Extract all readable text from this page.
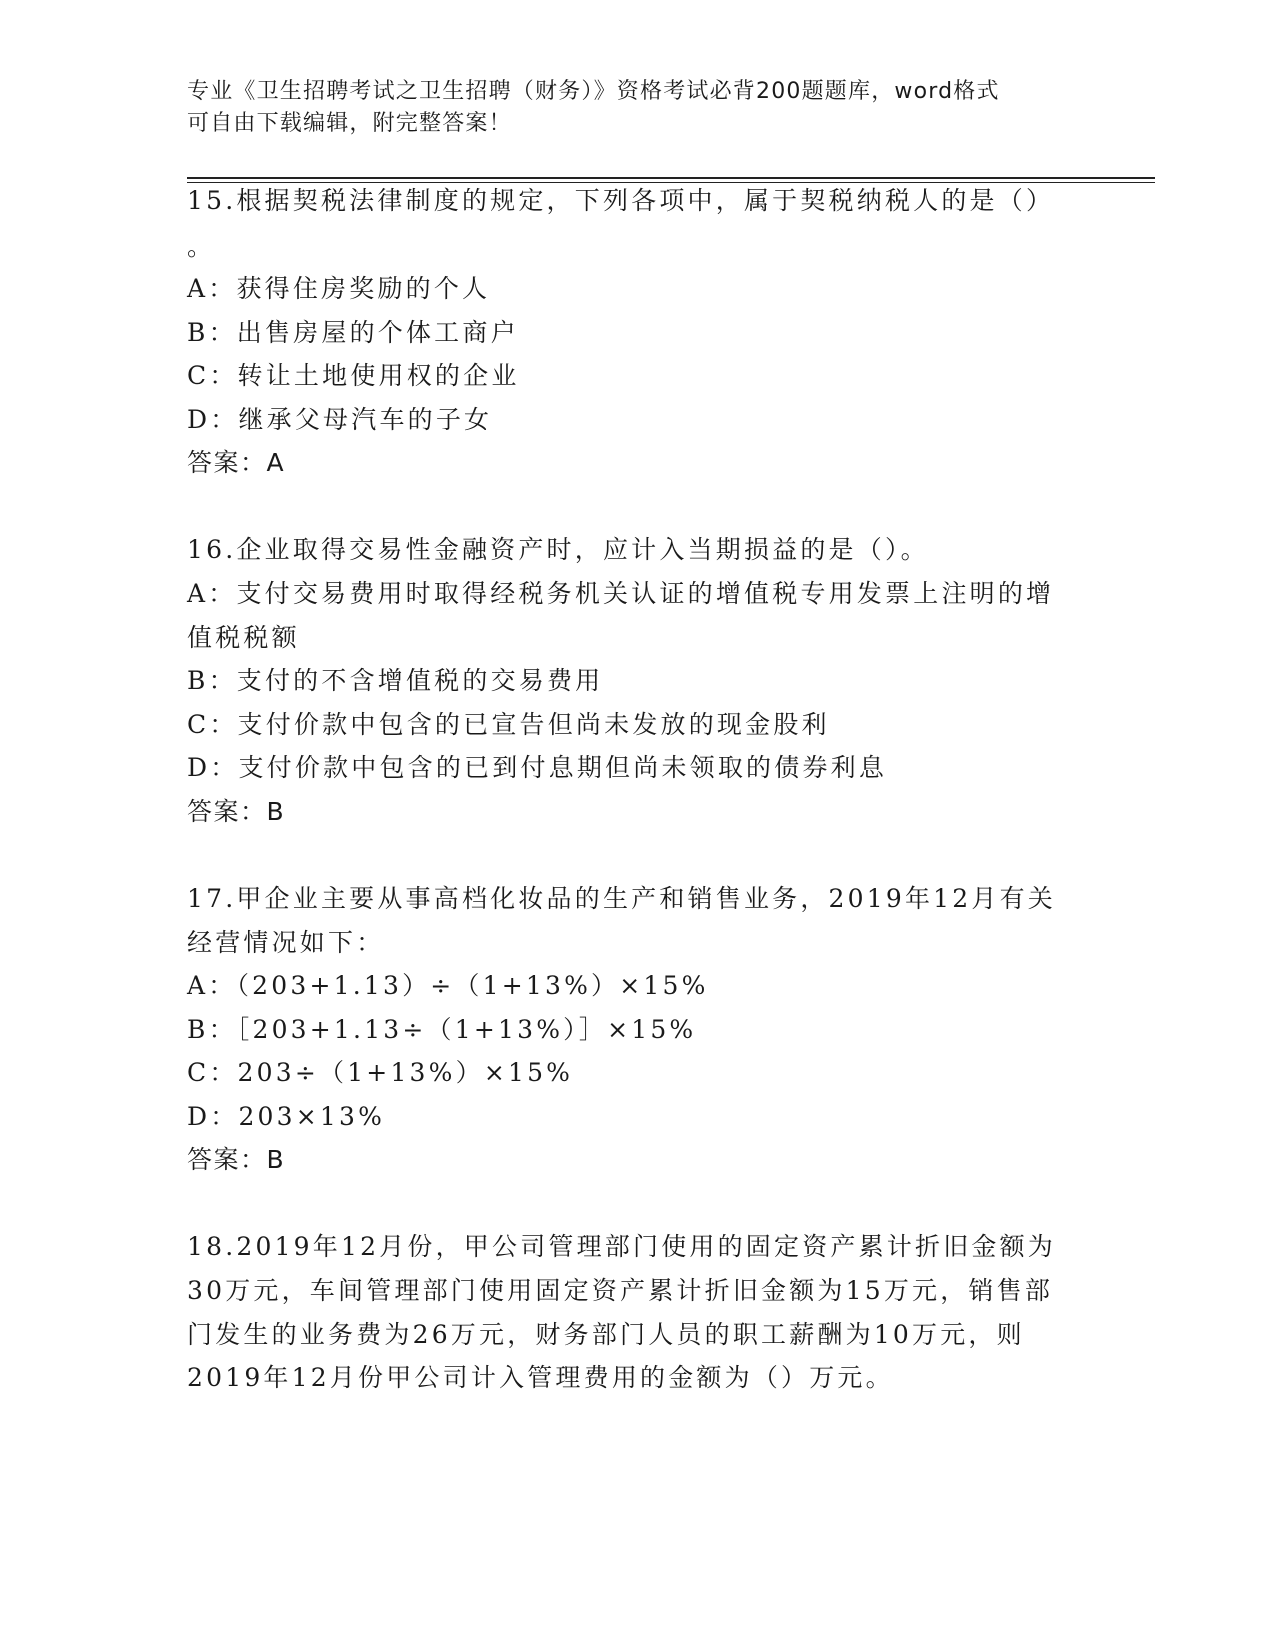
专业《卫生招聘考试之卫生招聘（财务）》资格考试必背200题题库，word格式
可自由下载编辑，附完整答案！
15.根据契税法律制度的规定，下列各项中，属于契税纳税人的是（）
。
A：获得住房奖励的个人
B：出售房屋的个体工商户
C：转让土地使用权的企业
D：继承父母汽车的子女
答案：A
16.企业取得交易性金融资产时，应计入当期损益的是（）。
A：支付交易费用时取得经税务机关认证的增值税专用发票上注明的增
值税税额
B：支付的不含增值税的交易费用
C：支付价款中包含的已宣告但尚未发放的现金股利
D：支付价款中包含的已到付息期但尚未领取的债券利息
答案：B
17.甲企业主要从事高档化妆品的生产和销售业务，2019年12月有关
经营情况如下：
A：（203+1.13）÷（1+13%）×15%
B：［203+1.13÷（1+13%）］×15%
C：203÷（1+13%）×15%
D：203×13%
答案：B
18.2019年12月份，甲公司管理部门使用的固定资产累计折旧金额为
30万元，车间管理部门使用固定资产累计折旧金额为15万元，销售部
门发生的业务费为26万元，财务部门人员的职工薪酬为10万元，则
2019年12月份甲公司计入管理费用的金额为（）万元。
